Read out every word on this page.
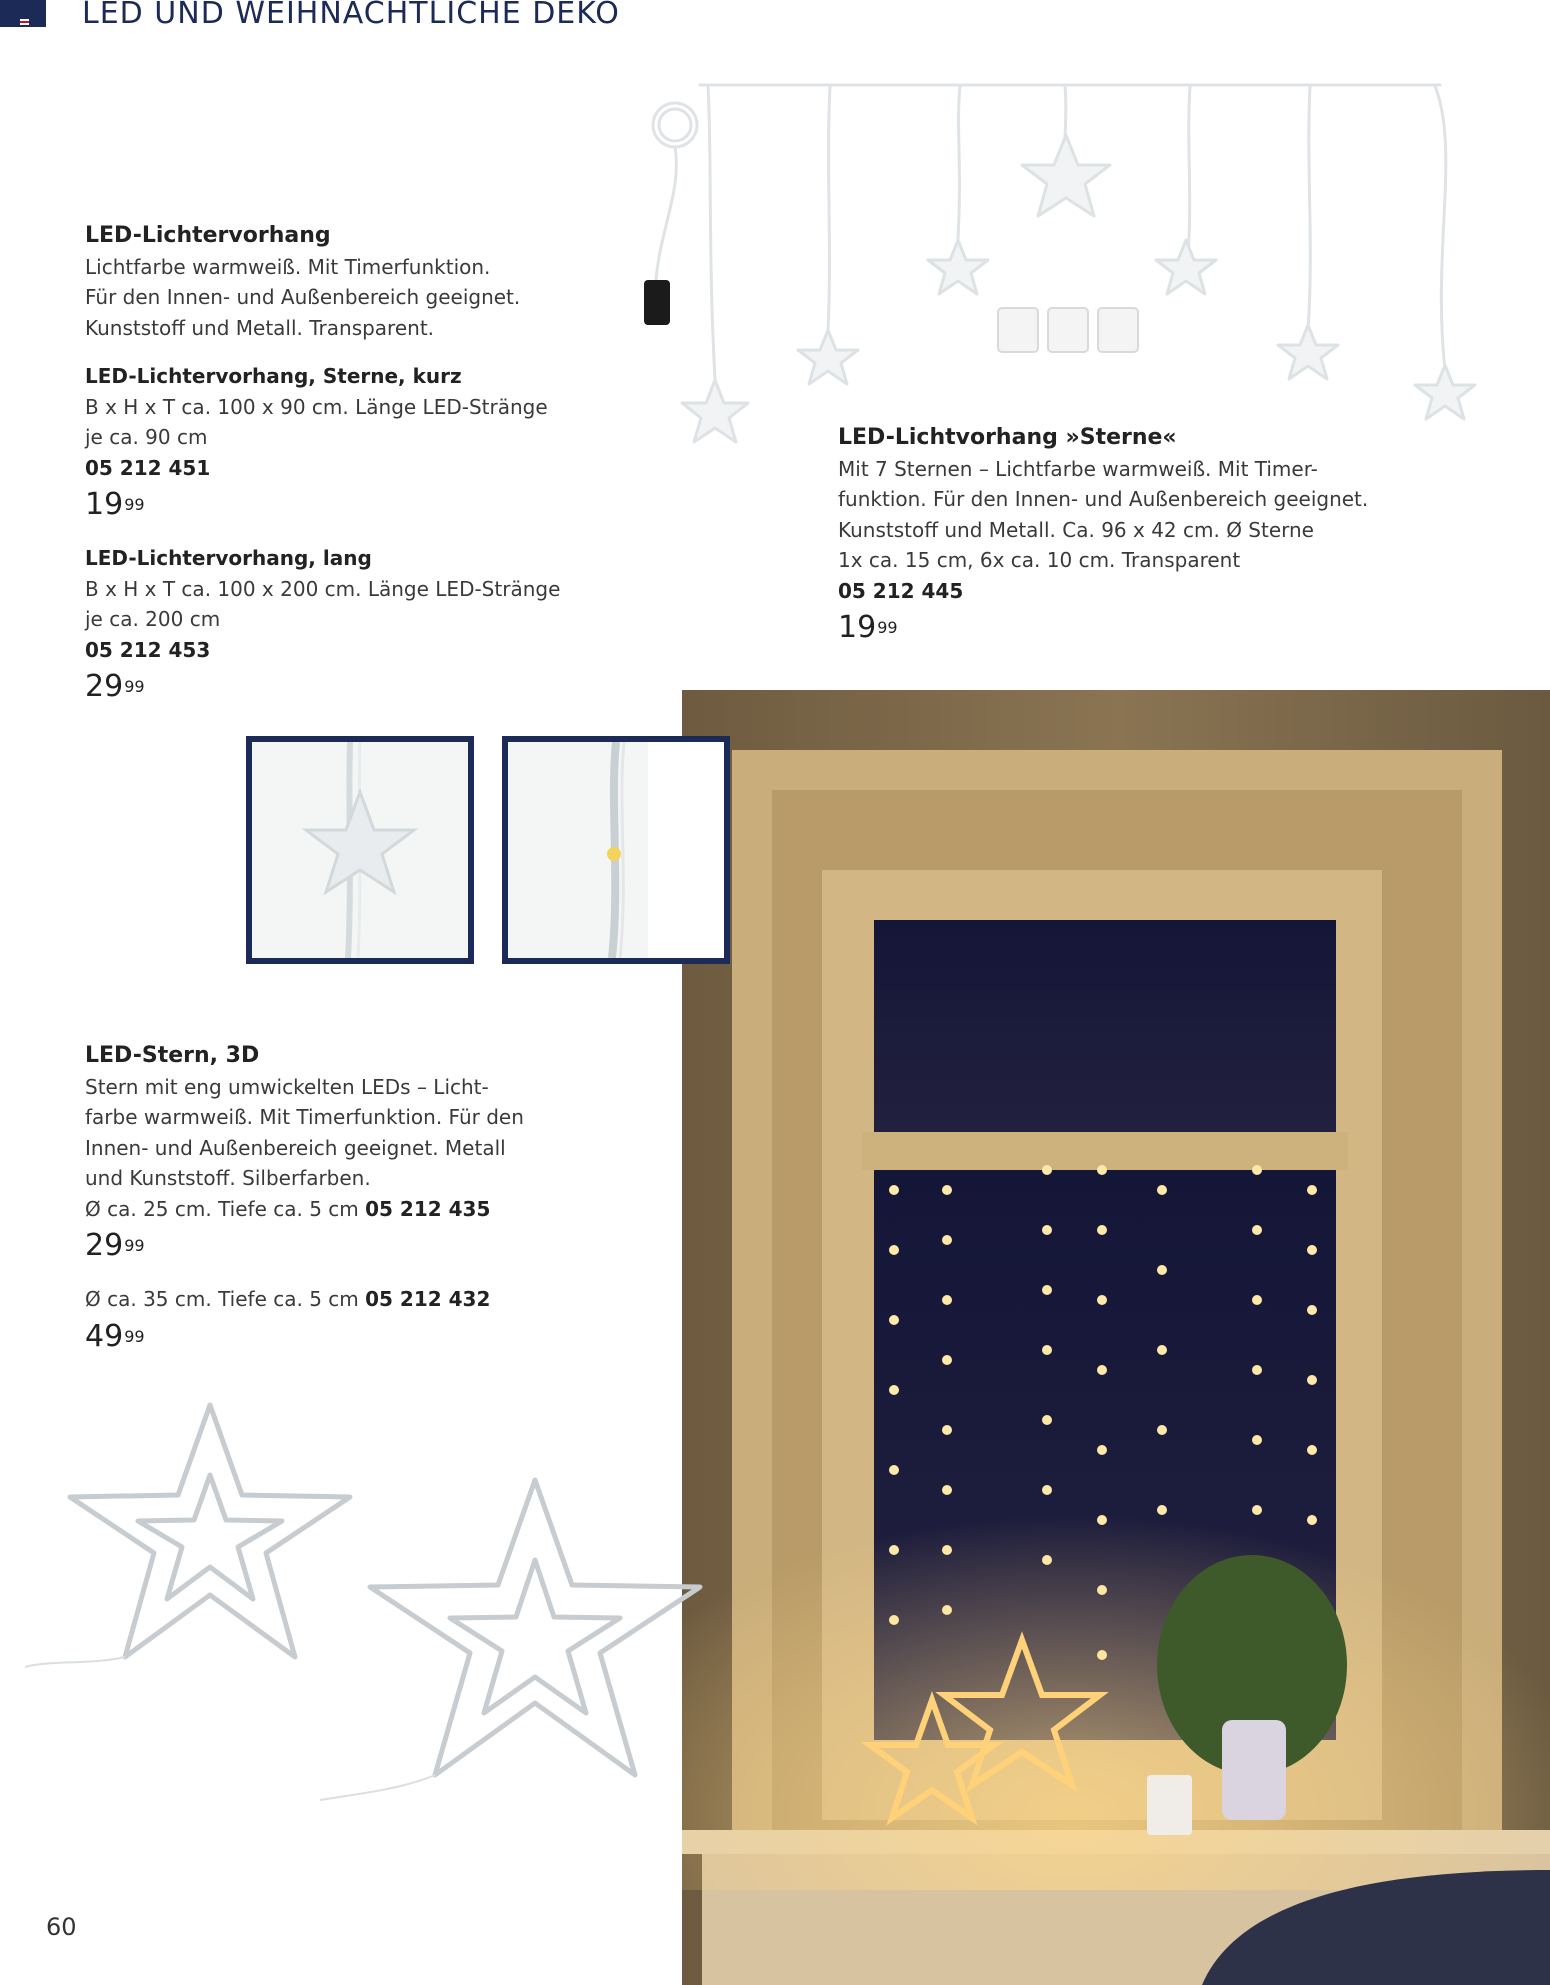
LED UND WEIHNACHTLICHE DEKO
LED-Lichtervorhang
Lichtfarbe warmweiß. Mit Timerfunktion.
Für den Innen- und Außenbereich geeignet.
Kunststoff und Metall. Transparent.
LED-Lichtervorhang, Sterne, kurz
B x H x T ca. 100 x 90 cm. Länge LED-Stränge
je ca. 90 cm
05 212 451
$19^{99}$
LED-Lichtervorhang, lang
B x H x T ca. 100 x 200 cm. Länge LED-Stränge
je ca. 200 cm
05 212 453
$29^{99}$
LED-Lichtvorhang »Sterne«
Mit 7 Sternen – Lichtfarbe warmweiß. Mit Timer-
funktion. Für den Innen- und Außenbereich geeignet.
Kunststoff und Metall. Ca. 96 x 42 cm. Ø Sterne
1x ca. 15 cm, 6x ca. 10 cm. Transparent
05 212 445
$19^{99}$
LED-Stern, 3D
Stern mit eng umwickelten LEDs – Licht-
farbe warmweiß. Mit Timerfunktion. Für den
Innen- und Außenbereich geeignet. Metall
und Kunststoff. Silberfarben.
Ø ca. 25 cm. Tiefe ca. 5 cm 05 212 435
$29^{99}$
Ø ca. 35 cm. Tiefe ca. 5 cm 05 212 432
$49^{99}$
60
